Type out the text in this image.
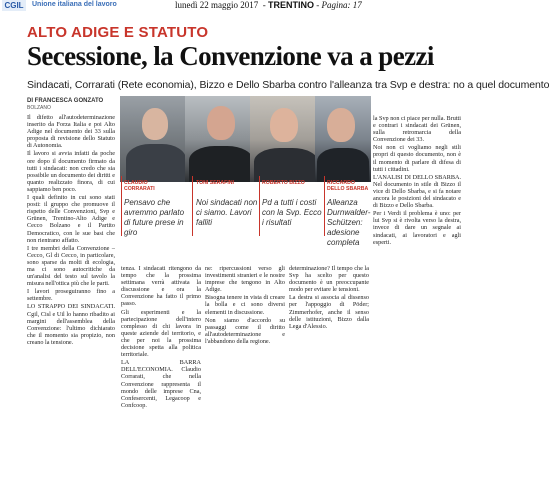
CGIL	Unione italiana del lavoro	lunedì 22 maggio 2017  - TRENTINO - Pagina: 17
ALTO ADIGE E STATUTO
Secessione, la Convenzione va a pezzi
Sindacati, Corrarati (Rete economia), Bizzo e Dello Sbarba contro l'alleanza tra Svp e destra: no a quel documento
DI FRANCESCA GONZATO
BOLZANO
CLAUDIO CORRARATI
Pensavo che avremmo parlato di future prese in giro
TONI SERAFINI
Noi sindacati non ci siamo. Lavori falliti
ROBERTO BIZZO
Pd a tutti i costi con la Svp. Ecco i risultati
RICCARDO DELLO SBARBA
Alleanza Durnwalder-Schützen: adesione completa

Il difetto all'autodeterminazione inserito da Forza Italia e poi Alto Adige nel documento dei 33 sulla proposta di revisione dello Statuto di Autonomia.

Il lavoro si avvia infatti da poche ore dopo il documento firmato da tutti i sindacati: non credo che sia possibile un documento dei diritti e quanto realizzato finora, di cui sappiamo ben poco.

I quali definito in cui sono stati posti: il gruppo che promuove il rispetto delle Convenzioni, Svp e Grünen, Trentino-Alto Adige e Cecco Bolzano e il Partito Democratico, con le sue basi che non rientrano affatto.

I tre membri della Convenzione – Cecco, Gl di Cecco, in particolare, sono sparse da molti di ecologia, ma ci sono autocritiche da un'analisi del testo sul tavolo la misura nell'ottica più che le parti.

I lavori proseguiranno fino a settembre.

LO STRAPPO DEI SINDACATI. Cgil, Cisl e Uil lo hanno ribadito ai margini dell'assemblea della Convenzione: l'ultimo dichiarato che il momento sia propizio, non creano la tensione.

tenza. I sindacati ritengono da tempo che la prossima settimana verrà attivata la discussione e ora la Convenzione ha fatto il primo passo.

Gli esperimenti e la partecipazione dell'intero complesso di chi lavora in queste aziende del territorio, e che per noi la prossima decisione spetta alla politica territoriale.

LA BARRA DELL'ECONOMIA. Claudio Corrarati, che nella Convenzione rappresenta il mondo delle imprese Cna, Confesercenti, Legacoop e Confcoop.

ne: ripercussioni verso gli investimenti stranieri e le nostre imprese che tengono in Alto Adige.

Bisogna tenere in vista di creare la bolla e ci sono diversi elementi in discussione.

Non siamo d'accordo su passaggi come il diritto all'autodeterminazione e l'abbandono della regione.

determinazione? Il tempo che la Svp ha scelto per questo documento è un preoccupante modo per evitare le tensioni.

La destra si associa al dissenso per l'appoggio di Pöder; Zimmerhofer, anche il senso delle istituzioni, Bizzo dalla Lega d'Alessio.

la Svp non ci piace per nulla. Brutti e contrari i sindacati dei Grünen, sulla retromarcia della Convenzione dei 33.

Noi non ci vogliamo negli stili propri di questo documento, non è il momento di parlare di difesa di tutti i cittadini.

L'ANALISI DI DELLO SBARBA. Nel documento in stile di Bizzo il vice di Dello Sbarba, e si fa notare ancora le posizioni del sindacato e di Bizzo e Dello Sbarba.

Per i Verdi il problema è uno: per lui Svp si è rivolta verso la destra, invece di dare un segnale ai sindacati, ai lavoratori e agli esperti.
